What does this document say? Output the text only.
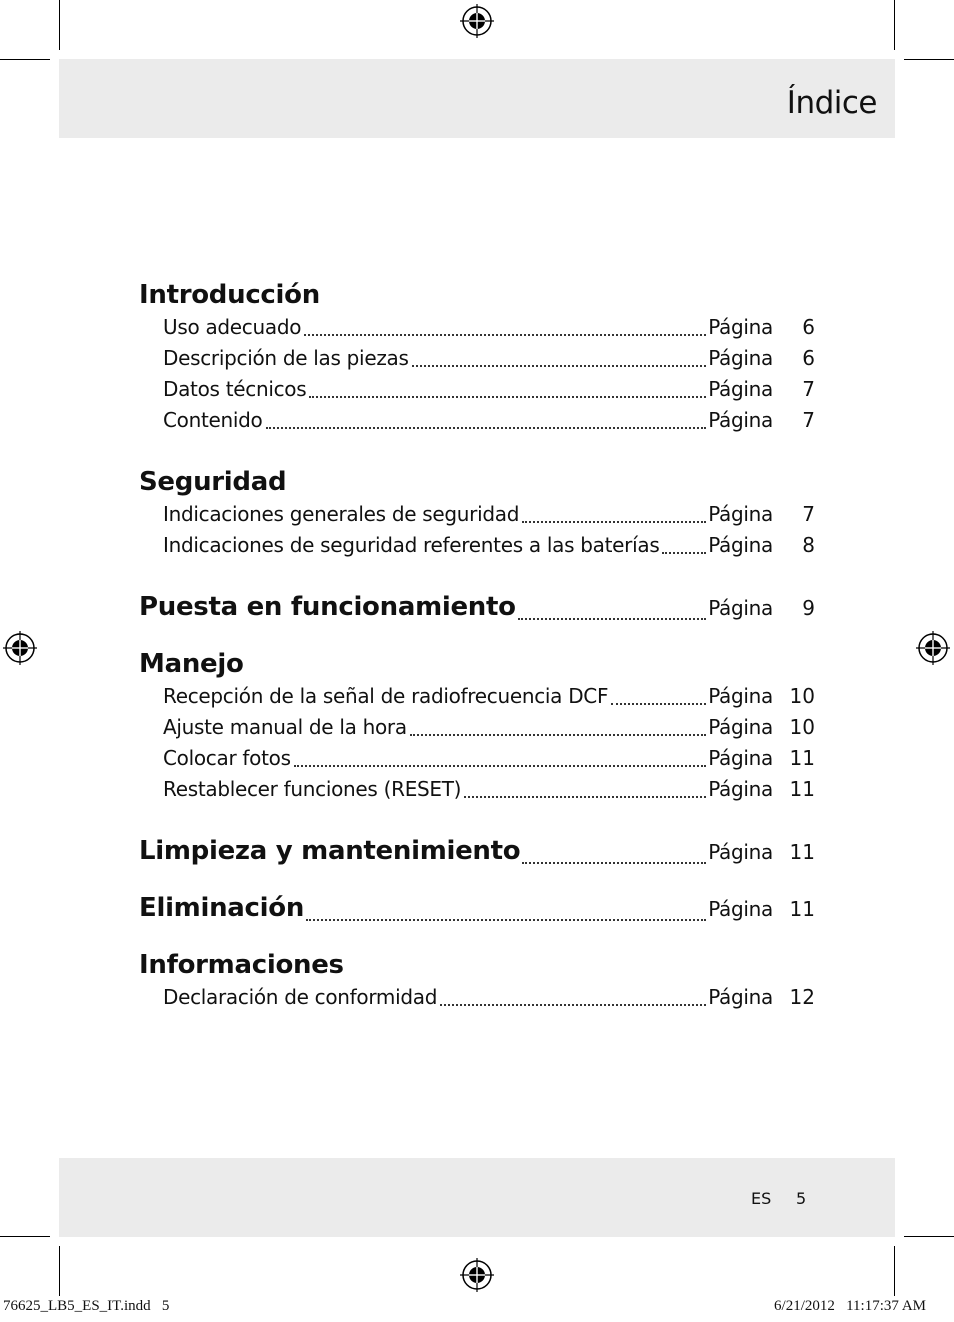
Índice
Introducción
Uso adecuado	Página	6
Descripción de las piezas	Página	6
Datos técnicos	Página	7
Contenido	Página	7
Seguridad
Indicaciones generales de seguridad	Página	7
Indicaciones de seguridad referentes a las baterías Página	8
Puesta en funcionamiento	Página	9
Manejo
Recepción de la señal de radiofrecuencia DCF	Página 10
Ajuste manual de la hora	Página 10
Colocar fotos	Página 11
Restablecer funciones (RESET)	Página 11
Limpieza y mantenimiento	Página 11
Eliminación	Página 11
Informaciones
Declaración de conformidad	Página 12
ES 5
76625_LB5_ES_IT.indd   5	6/21/2012   11:17:37 AM
